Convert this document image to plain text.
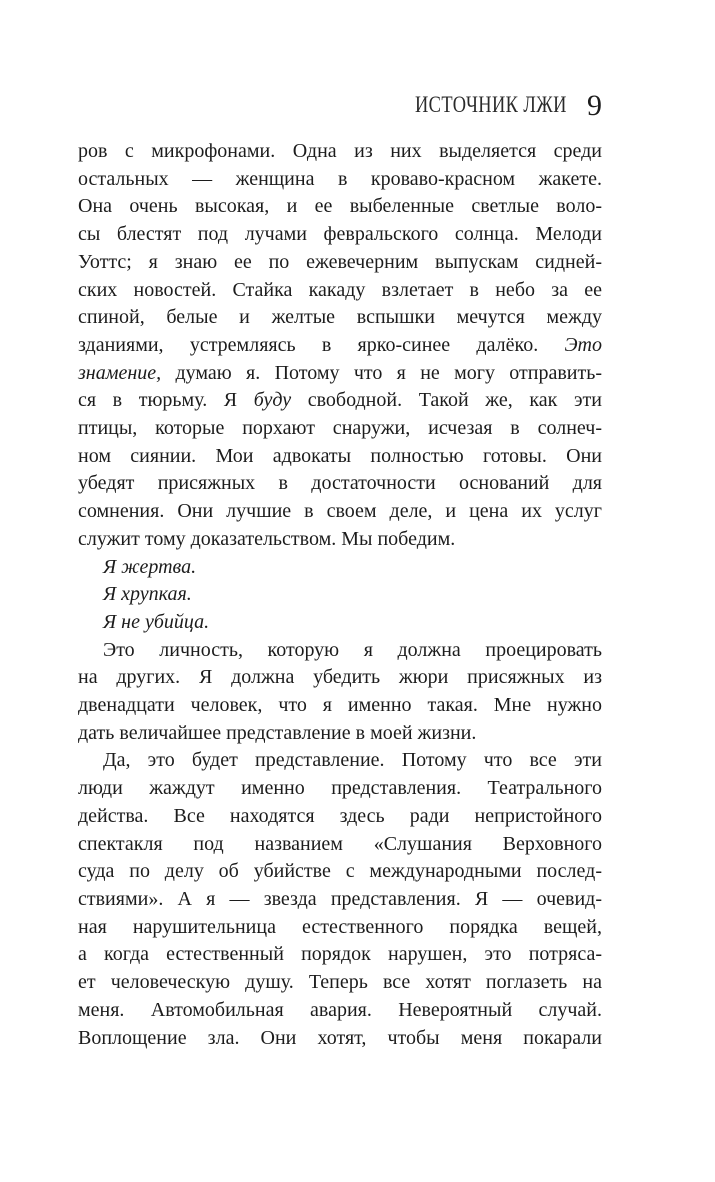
ИСТОЧНИК ЛЖИ 9
ров с микрофонами. Одна из них выделяется среди
остальных — женщина в кроваво-красном жакете.
Она очень высокая, и ее выбеленные светлые воло-
сы блестят под лучами февральского солнца. Мелоди
Уоттс; я знаю ее по ежевечерним выпускам сидней-
ских новостей. Стайка какаду взлетает в небо за ее
спиной, белые и желтые вспышки мечутся между
зданиями, устремляясь в ярко-синее далёко. Это
знамение, думаю я. Потому что я не могу отправить-
ся в тюрьму. Я буду свободной. Такой же, как эти
птицы, которые порхают снаружи, исчезая в солнеч-
ном сиянии. Мои адвокаты полностью готовы. Они
убедят присяжных в достаточности оснований для
сомнения. Они лучшие в своем деле, и цена их услуг
служит тому доказательством. Мы победим.
Я жертва.
Я хрупкая.
Я не убийца.
Это личность, которую я должна проецировать
на других. Я должна убедить жюри присяжных из
двенадцати человек, что я именно такая. Мне нужно
дать величайшее представление в моей жизни.
Да, это будет представление. Потому что все эти
люди жаждут именно представления. Театрального
действа. Все находятся здесь ради непристойного
спектакля под названием «Слушания Верховного
суда по делу об убийстве с международными послед-
ствиями». А я — звезда представления. Я — очевид-
ная нарушительница естественного порядка вещей,
а когда естественный порядок нарушен, это потряса-
ет человеческую душу. Теперь все хотят поглазеть на
меня. Автомобильная авария. Невероятный случай.
Воплощение зла. Они хотят, чтобы меня покарали
